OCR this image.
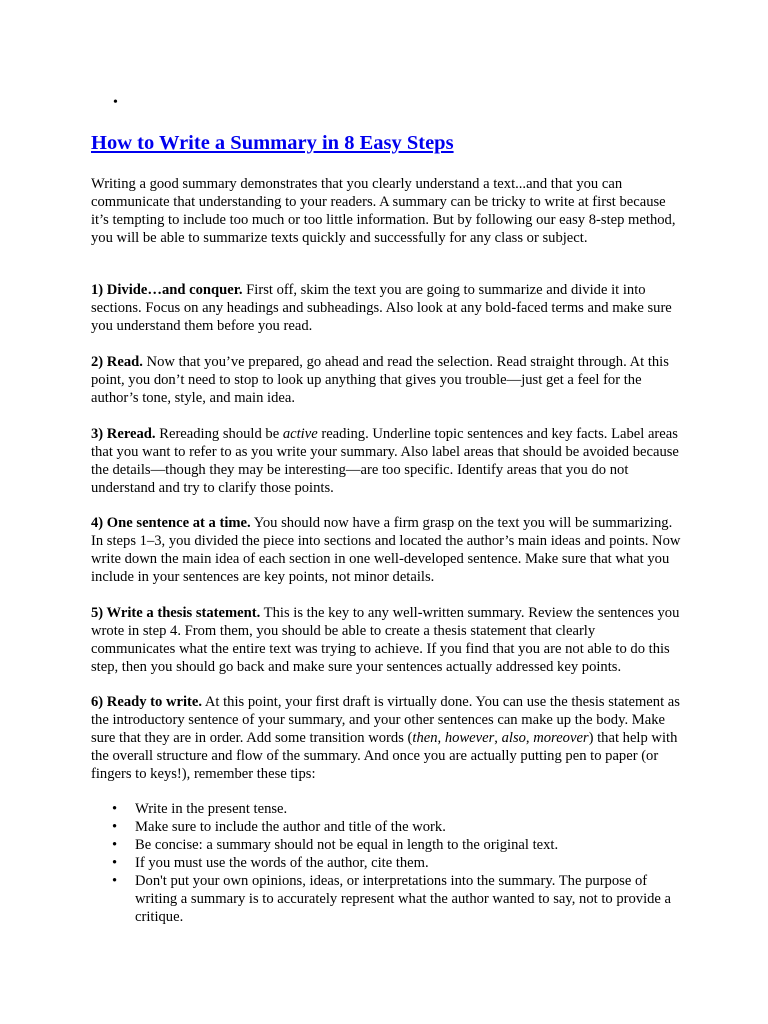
•
How to Write a Summary in 8 Easy Steps

Writing a good summary demonstrates that you clearly understand a text...and that you can communicate that understanding to your readers. A summary can be tricky to write at first because it’s tempting to include too much or too little information. But by following our easy 8-step method, you will be able to summarize texts quickly and successfully for any class or subject.

1) Divide…and conquer. First off, skim the text you are going to summarize and divide it into sections. Focus on any headings and subheadings. Also look at any bold-faced terms and make sure you understand them before you read.

2) Read. Now that you’ve prepared, go ahead and read the selection. Read straight through. At this point, you don’t need to stop to look up anything that gives you trouble—just get a feel for the author’s tone, style, and main idea.

3) Reread. Rereading should be active reading. Underline topic sentences and key facts. Label areas that you want to refer to as you write your summary. Also label areas that should be avoided because the details—though they may be interesting—are too specific. Identify areas that you do not understand and try to clarify those points.

4) One sentence at a time. You should now have a firm grasp on the text you will be summarizing. In steps 1–3, you divided the piece into sections and located the author’s main ideas and points. Now write down the main idea of each section in one well-developed sentence. Make sure that what you include in your sentences are key points, not minor details.

5) Write a thesis statement. This is the key to any well-written summary. Review the sentences you wrote in step 4. From them, you should be able to create a thesis statement that clearly communicates what the entire text was trying to achieve. If you find that you are not able to do this step, then you should go back and make sure your sentences actually addressed key points.

6) Ready to write. At this point, your first draft is virtually done. You can use the thesis statement as the introductory sentence of your summary, and your other sentences can make up the body. Make sure that they are in order. Add some transition words (then, however, also, moreover) that help with the overall structure and flow of the summary. And once you are actually putting pen to paper (or fingers to keys!), remember these tips:

• Write in the present tense.
• Make sure to include the author and title of the work.
• Be concise: a summary should not be equal in length to the original text.
• If you must use the words of the author, cite them.
• Don't put your own opinions, ideas, or interpretations into the summary. The purpose of writing a summary is to accurately represent what the author wanted to say, not to provide a critique.
